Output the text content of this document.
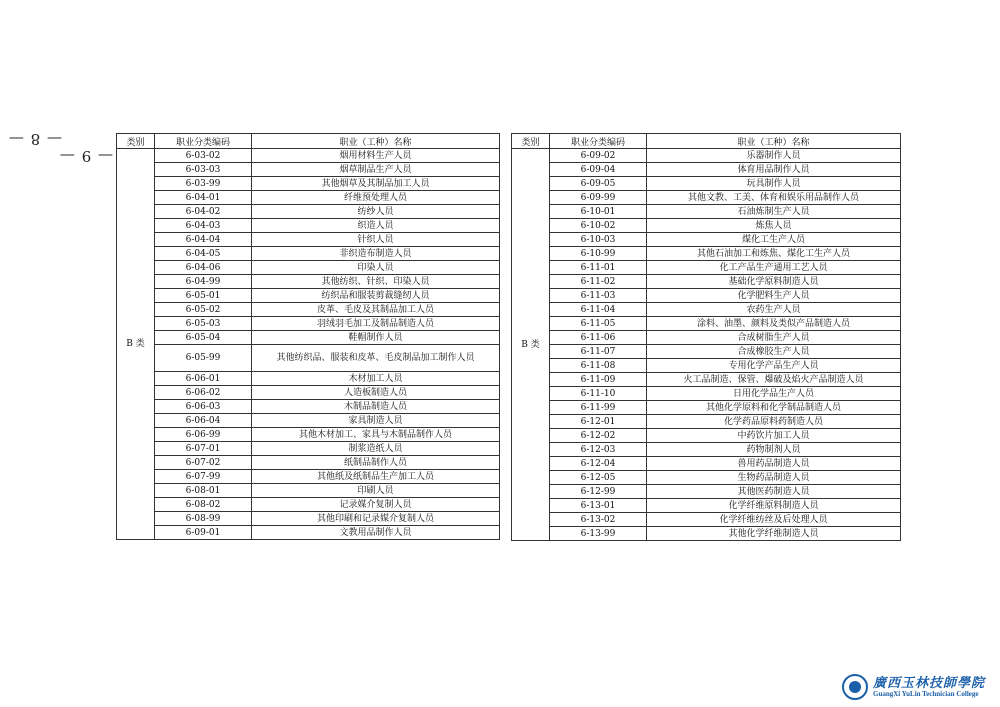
— 8 —
— 9 —
类别	职业分类编码	职业（工种）名称
B 类	6-03-02	烟用材料生产人员
	6-03-03	烟草制品生产人员
	6-03-99	其他烟草及其制品加工人员
	6-04-01	纤维预处理人员
	6-04-02	纺纱人员
	6-04-03	织造人员
	6-04-04	针织人员
	6-04-05	非织造布制造人员
	6-04-06	印染人员
	6-04-99	其他纺织、针织、印染人员
	6-05-01	纺织品和服装剪裁缝纫人员
	6-05-02	皮革、毛皮及其制品加工人员
	6-05-03	羽绒羽毛加工及制品制造人员
	6-05-04	鞋帽制作人员
	6-05-99	其他纺织品、服装和皮革、毛皮制品加工制作人员
	6-06-01	木材加工人员
	6-06-02	人造板制造人员
	6-06-03	木制品制造人员
	6-06-04	家具制造人员
	6-06-99	其他木材加工、家具与木制品制作人员
	6-07-01	制浆造纸人员
	6-07-02	纸制品制作人员
	6-07-99	其他纸及纸制品生产加工人员
	6-08-01	印刷人员
	6-08-02	记录媒介复制人员
	6-08-99	其他印刷和记录媒介复制人员
	6-09-01	文教用品制作人员
类别	职业分类编码	职业（工种）名称
B 类	6-09-02	乐器制作人员
	6-09-04	体育用品制作人员
	6-09-05	玩具制作人员
	6-09-99	其他文教、工美、体育和娱乐用品制作人员
	6-10-01	石油炼制生产人员
	6-10-02	炼焦人员
	6-10-03	煤化工生产人员
	6-10-99	其他石油加工和炼焦、煤化工生产人员
	6-11-01	化工产品生产通用工艺人员
	6-11-02	基础化学原料制造人员
	6-11-03	化学肥料生产人员
	6-11-04	农药生产人员
	6-11-05	涂料、油墨、颜料及类似产品制造人员
	6-11-06	合成树脂生产人员
	6-11-07	合成橡胶生产人员
	6-11-08	专用化学产品生产人员
	6-11-09	火工品制造、保管、爆破及焰火产品制造人员
	6-11-10	日用化学品生产人员
	6-11-99	其他化学原料和化学制品制造人员
	6-12-01	化学药品原料药制造人员
	6-12-02	中药饮片加工人员
	6-12-03	药物制剂人员
	6-12-04	兽用药品制造人员
	6-12-05	生物药品制造人员
	6-12-99	其他医药制造人员
	6-13-01	化学纤维原料制造人员
	6-13-02	化学纤维纺丝及后处理人员
	6-13-99	其他化学纤维制造人员
廣西玉林技師學院
GuangXi YuLin Technician College
